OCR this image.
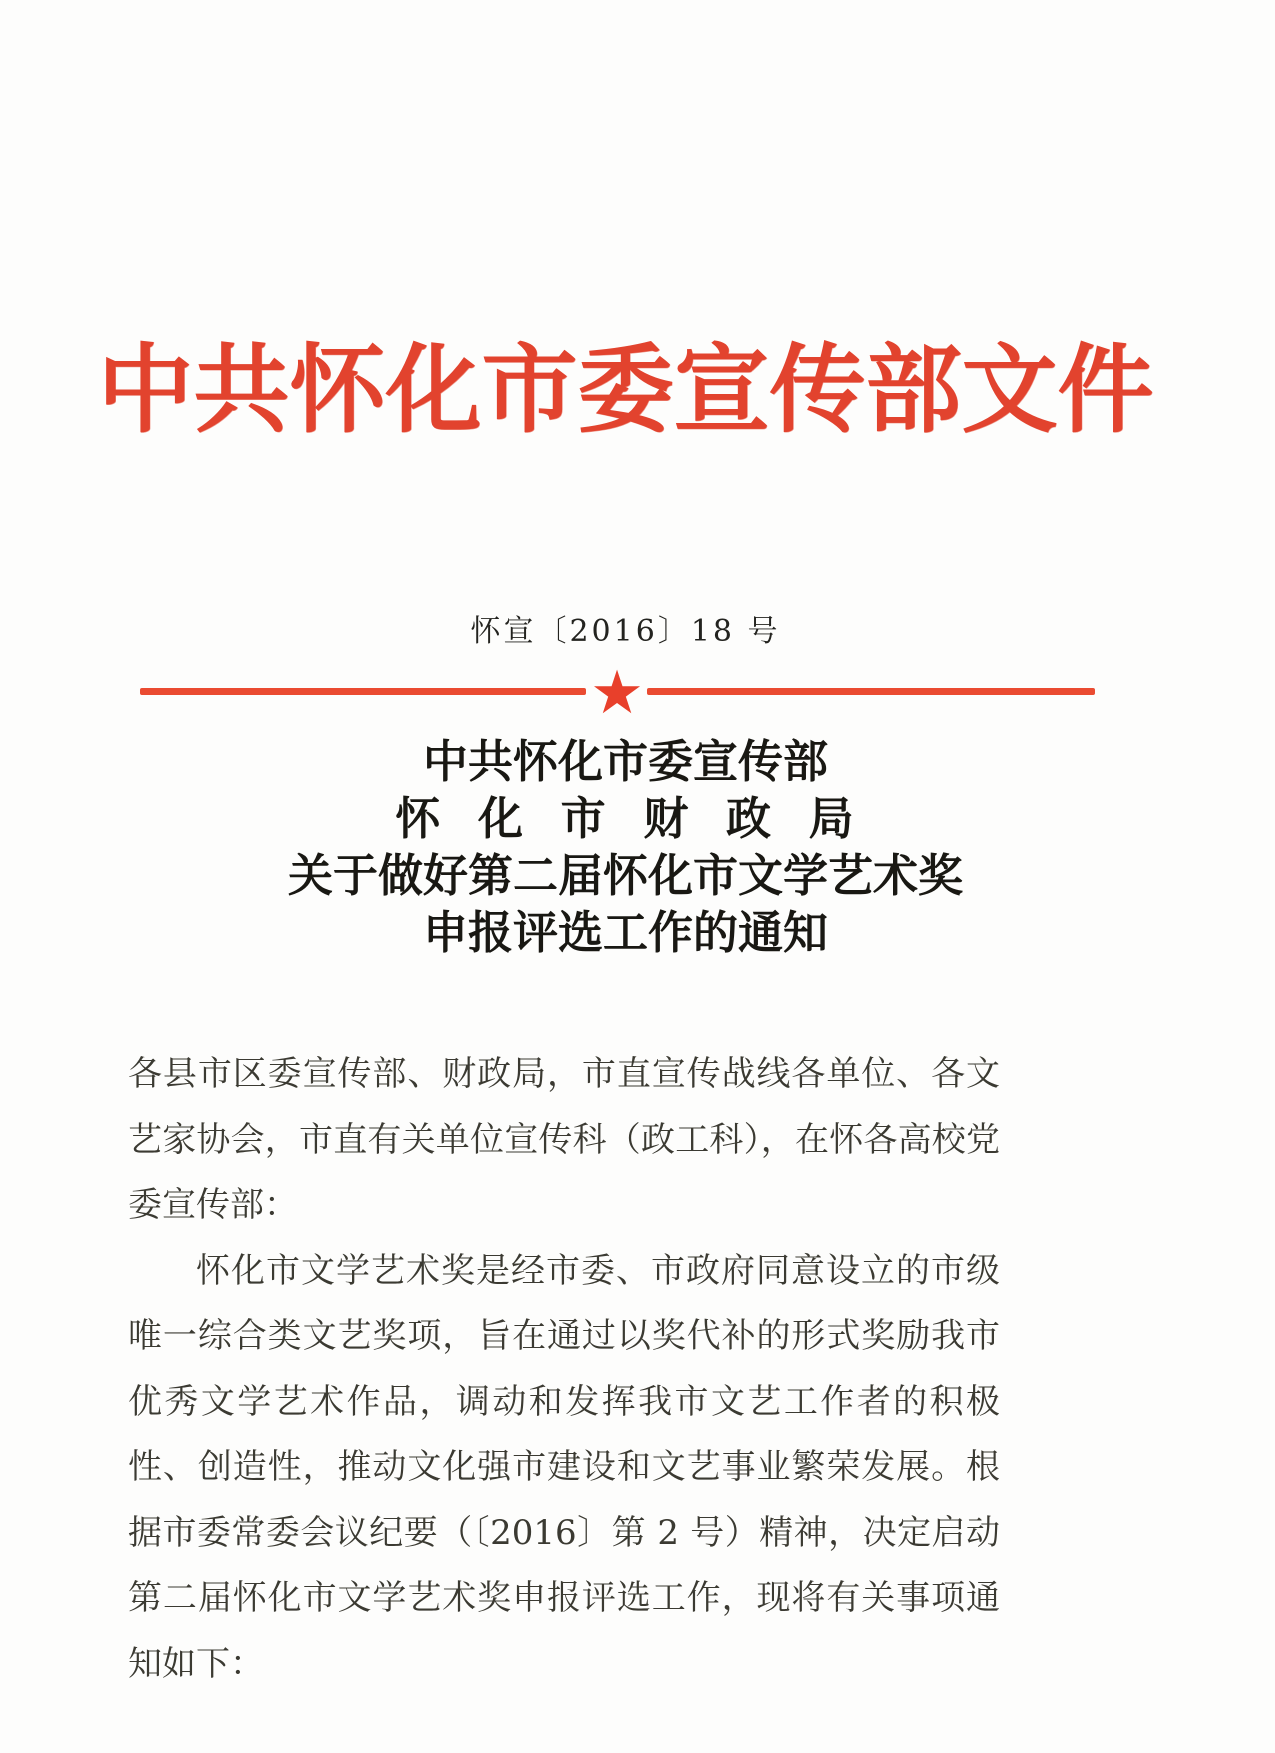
中共怀化市委宣传部文件
怀宣〔2016〕18 号
★
中共怀化市委宣传部
怀 化 市 财 政 局
关于做好第二届怀化市文学艺术奖
申报评选工作的通知

各县市区委宣传部、财政局，市直宣传战线各单位、各文艺家协会，市直有关单位宣传科（政工科），在怀各高校党委宣传部：

怀化市文学艺术奖是经市委、市政府同意设立的市级唯一综合类文艺奖项，旨在通过以奖代补的形式奖励我市优秀文学艺术作品，调动和发挥我市文艺工作者的积极性、创造性，推动文化强市建设和文艺事业繁荣发展。根据市委常委会议纪要（〔2016〕第 2 号）精神，决定启动第二届怀化市文学艺术奖申报评选工作，现将有关事项通知如下：
